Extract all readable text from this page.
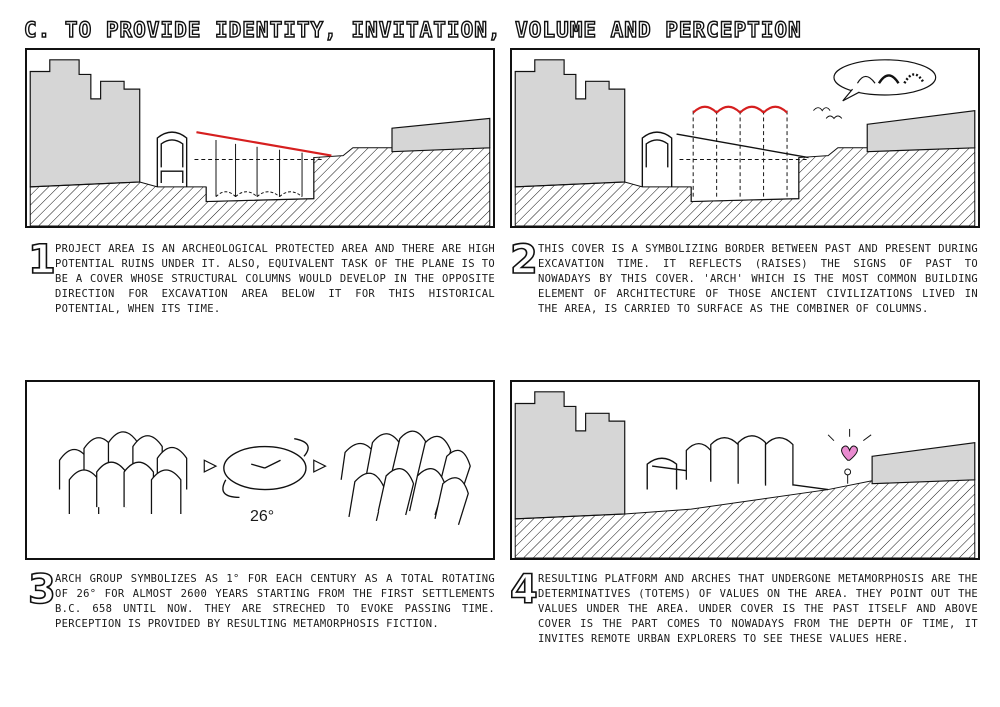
C. TO PROVIDE IDENTITY, INVITATION, VOLUME AND PERCEPTION
1 PROJECT AREA IS AN ARCHEOLOGICAL PROTECTED AREA AND THERE ARE HIGH POTENTIAL RUINS UNDER IT. ALSO, EQUIVALENT TASK OF THE PLANE IS TO BE A COVER WHOSE STRUCTURAL COLUMNS WOULD DEVELOP IN THE OPPOSITE DIRECTION FOR EXCAVATION AREA BELOW IT FOR THIS HISTORICAL POTENTIAL, WHEN ITS TIME.
2 THIS COVER IS A SYMBOLIZING BORDER BETWEEN PAST AND PRESENT DURING EXCAVATION TIME. IT REFLECTS (RAISES) THE SIGNS OF PAST TO NOWADAYS BY THIS COVER. 'ARCH' WHICH IS THE MOST COMMON BUILDING ELEMENT OF ARCHITECTURE OF THOSE ANCIENT CIVILIZATIONS LIVED IN THE AREA, IS CARRIED TO SURFACE AS THE COMBINER OF COLUMNS.
26°
3 ARCH GROUP SYMBOLIZES AS 1° FOR EACH CENTURY AS A TOTAL ROTATING OF 26° FOR ALMOST 2600 YEARS STARTING FROM THE FIRST SETTLEMENTS B.C. 658 UNTIL NOW. THEY ARE STRECHED TO EVOKE PASSING TIME. PERCEPTION IS PROVIDED BY RESULTING METAMORPHOSIS FICTION.
4 RESULTING PLATFORM AND ARCHES THAT UNDERGONE METAMORPHOSIS ARE THE DETERMINATIVES (TOTEMS) OF VALUES ON THE AREA. THEY POINT OUT THE VALUES UNDER THE AREA. UNDER COVER IS THE PAST ITSELF AND ABOVE COVER IS THE PART COMES TO NOWADAYS FROM THE DEPTH OF TIME, IT INVITES REMOTE URBAN EXPLORERS TO SEE THESE VALUES HERE.
